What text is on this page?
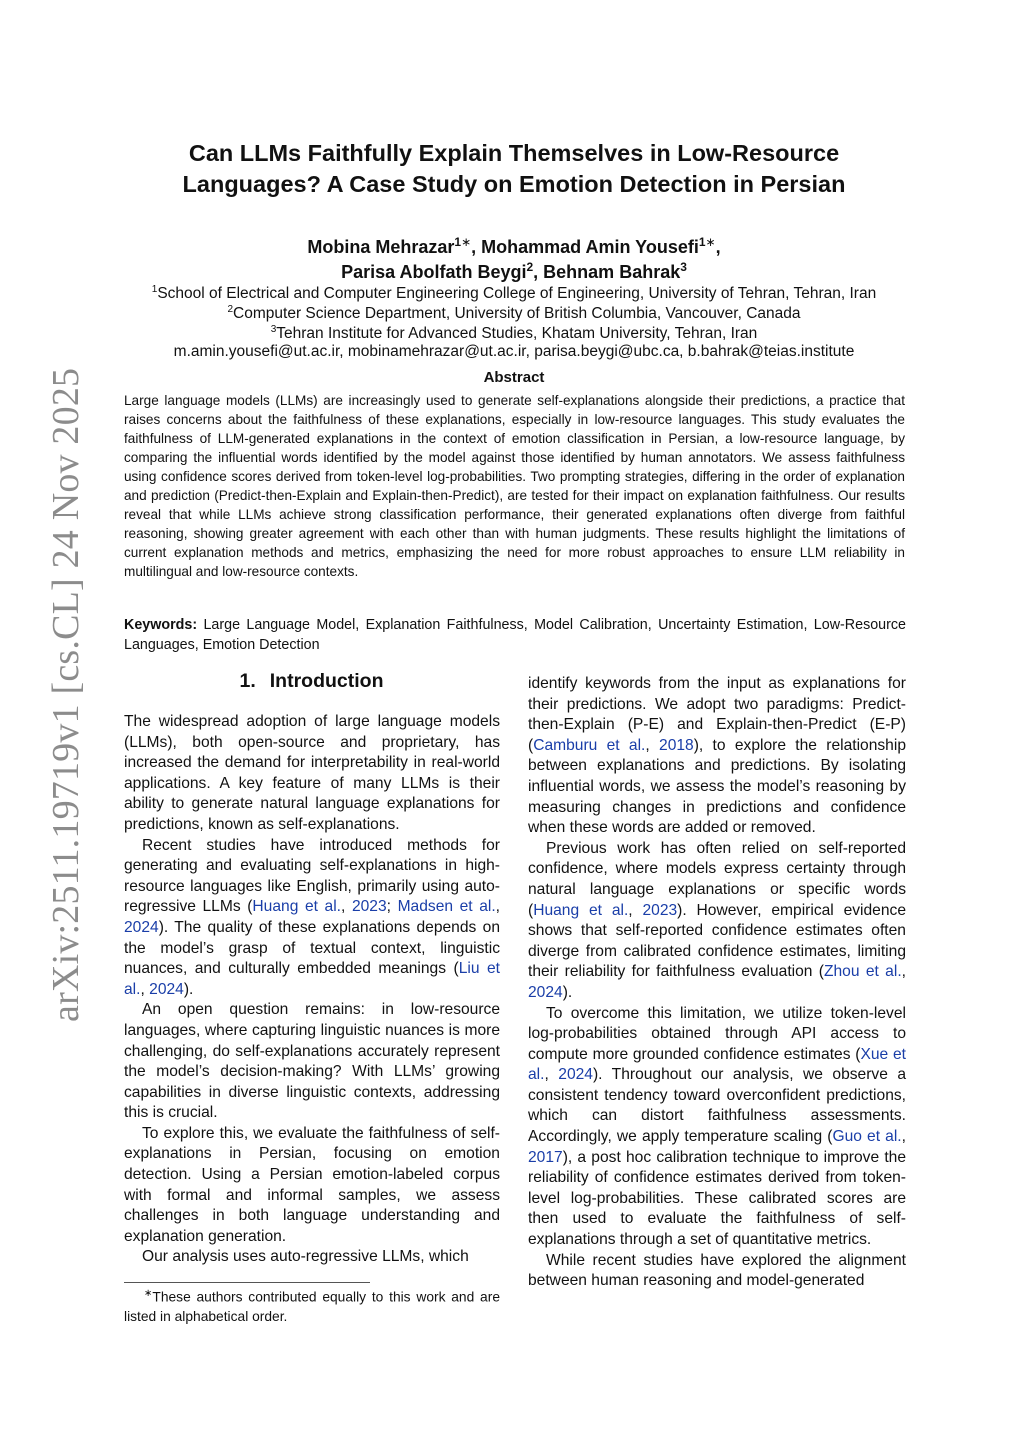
arXiv:2511.19719v1 [cs.CL] 24 Nov 2025
Can LLMs Faithfully Explain Themselves in Low-Resource
Languages? A Case Study on Emotion Detection in Persian
Mobina Mehrazar$^{1∗}$, Mohammad Amin Yousefi$^{1∗}$,
Parisa Abolfath Beygi$^2$, Behnam Bahrak$^3$
$^1$School of Electrical and Computer Engineering College of Engineering, University of Tehran, Tehran, Iran
$^2$Computer Science Department, University of British Columbia, Vancouver, Canada
$^3$Tehran Institute for Advanced Studies, Khatam University, Tehran, Iran
m.amin.yousefi@ut.ac.ir, mobinamehrazar@ut.ac.ir, parisa.beygi@ubc.ca, b.bahrak@teias.institute
Abstract
Large language models (LLMs) are increasingly used to generate self-explanations alongside their predictions, a practice that raises concerns about the faithfulness of these explanations, especially in low-resource languages. This study evaluates the faithfulness of LLM-generated explanations in the context of emotion classification in Persian, a low-resource language, by comparing the influential words identified by the model against those identified by human annotators. We assess faithfulness using confidence scores derived from token-level log-probabilities. Two prompting strategies, differing in the order of explanation and prediction (Predict-then-Explain and Explain-then-Predict), are tested for their impact on explanation faithfulness. Our results reveal that while LLMs achieve strong classification performance, their generated explanations often diverge from faithful reasoning, showing greater agreement with each other than with human judgments. These results highlight the limitations of current explanation methods and metrics, emphasizing the need for more robust approaches to ensure LLM reliability in multilingual and low-resource contexts.
Keywords: Large Language Model, Explanation Faithfulness, Model Calibration, Uncertainty Estimation, Low-Resource Languages, Emotion Detection
1. Introduction

The widespread adoption of large language models (LLMs), both open-source and proprietary, has increased the demand for interpretability in real-world applications. A key feature of many LLMs is their ability to generate natural language explanations for predictions, known as self-explanations.

Recent studies have introduced methods for generating and evaluating self-explanations in high-resource languages like English, primarily using auto-regressive LLMs (Huang et al., 2023; Madsen et al., 2024). The quality of these explanations depends on the model’s grasp of textual context, linguistic nuances, and culturally embedded meanings (Liu et al., 2024).

An open question remains: in low-resource languages, where capturing linguistic nuances is more challenging, do self-explanations accurately represent the model’s decision-making? With LLMs’ growing capabilities in diverse linguistic contexts, addressing this is crucial.

To explore this, we evaluate the faithfulness of self-explanations in Persian, focusing on emotion detection. Using a Persian emotion-labeled corpus with formal and informal samples, we assess challenges in both language understanding and explanation generation.

Our analysis uses auto-regressive LLMs, which

identify keywords from the input as explanations for their predictions. We adopt two paradigms: Predict-then-Explain (P-E) and Explain-then-Predict (E-P) (Camburu et al., 2018), to explore the relationship between explanations and predictions. By isolating influential words, we assess the model’s reasoning by measuring changes in predictions and confidence when these words are added or removed.

Previous work has often relied on self-reported confidence, where models express certainty through natural language explanations or specific words (Huang et al., 2023). However, empirical evidence shows that self-reported confidence estimates often diverge from calibrated confidence estimates, limiting their reliability for faithfulness evaluation (Zhou et al., 2024).

To overcome this limitation, we utilize token-level log-probabilities obtained through API access to compute more grounded confidence estimates (Xue et al., 2024). Throughout our analysis, we observe a consistent tendency toward overconfident predictions, which can distort faithfulness assessments. Accordingly, we apply temperature scaling (Guo et al., 2017), a post hoc calibration technique to improve the reliability of confidence estimates derived from token-level log-probabilities. These calibrated scores are then used to evaluate the faithfulness of self-explanations through a set of quantitative metrics.

While recent studies have explored the alignment between human reasoning and model-generated

∗These authors contributed equally to this work and are listed in alphabetical order.
